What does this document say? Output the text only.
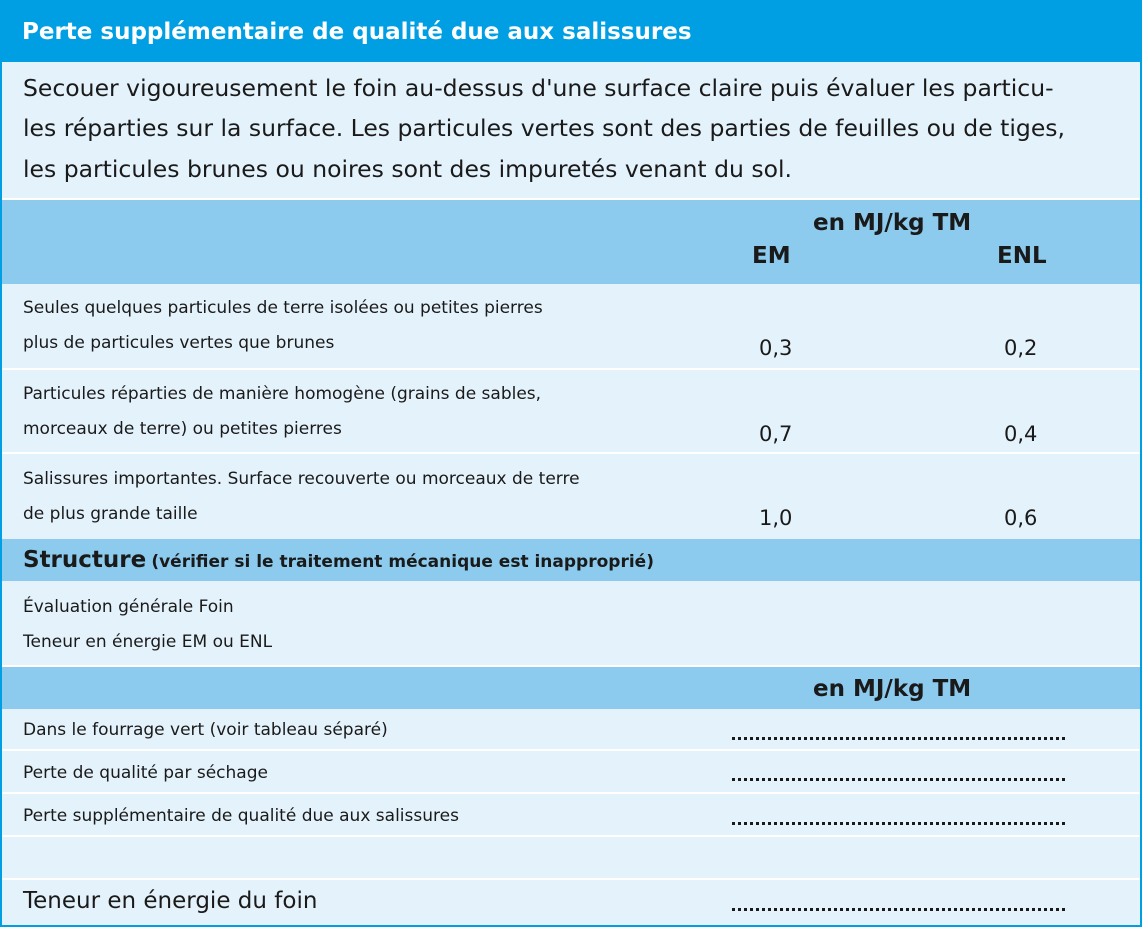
Perte supplémentaire de qualité due aux salissures
Secouer vigoureusement le foin au-dessus d'une surface claire puis évaluer les particu-
les réparties sur la surface. Les particules vertes sont des parties de feuilles ou de tiges,
les particules brunes ou noires sont des impuretés venant du sol.
en MJ/kg TM
EM	ENL
Seules quelques particules de terre isolées ou petites pierres
plus de particules vertes que brunes	0,3	0,2
Particules réparties de manière homogène (grains de sables,
morceaux de terre) ou petites pierres	0,7	0,4
Salissures importantes. Surface recouverte ou morceaux de terre
de plus grande taille	1,0	0,6
Structure (vérifier si le traitement mécanique est inapproprié)
Évaluation générale Foin
Teneur en énergie EM ou ENL
en MJ/kg TM
Dans le fourrage vert (voir tableau séparé)
Perte de qualité par séchage
Perte supplémentaire de qualité due aux salissures
Teneur en énergie du foin
